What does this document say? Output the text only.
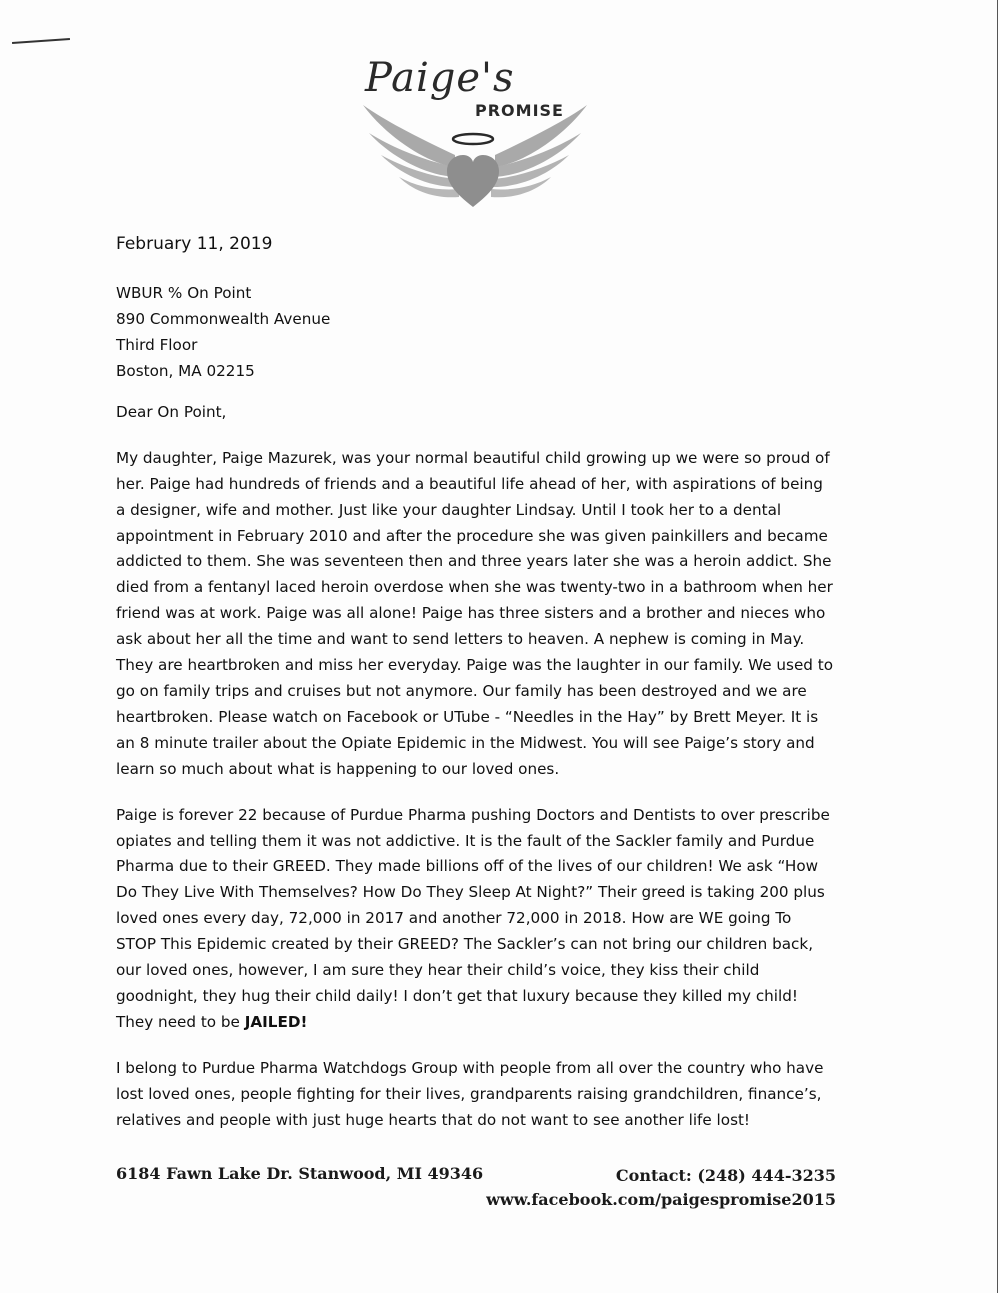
Paige's
PROMISE
February 11, 2019
WBUR % On Point
890 Commonwealth Avenue
Third Floor
Boston, MA 02215
Dear On Point,

My daughter, Paige Mazurek, was your normal beautiful child growing up we were so proud of her. Paige had hundreds of friends and a beautiful life ahead of her, with aspirations of being a designer, wife and mother. Just like your daughter Lindsay. Until I took her to a dental appointment in February 2010 and after the procedure she was given painkillers and became addicted to them. She was seventeen then and three years later she was a heroin addict. She died from a fentanyl laced heroin overdose when she was twenty-two in a bathroom when her friend was at work. Paige was all alone! Paige has three sisters and a brother and nieces who ask about her all the time and want to send letters to heaven. A nephew is coming in May. They are heartbroken and miss her everyday. Paige was the laughter in our family. We used to go on family trips and cruises but not anymore. Our family has been destroyed and we are heartbroken. Please watch on Facebook or UTube - “Needles in the Hay” by Brett Meyer. It is an 8 minute trailer about the Opiate Epidemic in the Midwest. You will see Paige’s story and learn so much about what is happening to our loved ones.

Paige is forever 22 because of Purdue Pharma pushing Doctors and Dentists to over prescribe opiates and telling them it was not addictive. It is the fault of the Sackler family and Purdue Pharma due to their GREED. They made billions off of the lives of our children! We ask “How Do They Live With Themselves? How Do They Sleep At Night?” Their greed is taking 200 plus loved ones every day, 72,000 in 2017 and another 72,000 in 2018. How are WE going To STOP This Epidemic created by their GREED? The Sackler’s can not bring our children back, our loved ones, however, I am sure they hear their child’s voice, they kiss their child goodnight, they hug their child daily! I don’t get that luxury because they killed my child! They need to be JAILED!

I belong to Purdue Pharma Watchdogs Group with people from all over the country who have lost loved ones, people fighting for their lives, grandparents raising grandchildren, finance’s, relatives and people with just huge hearts that do not want to see another life lost!

6184 Fawn Lake Dr. Stanwood, MI 49346	Contact: (248) 444-3235
www.facebook.com/paigespromise2015
